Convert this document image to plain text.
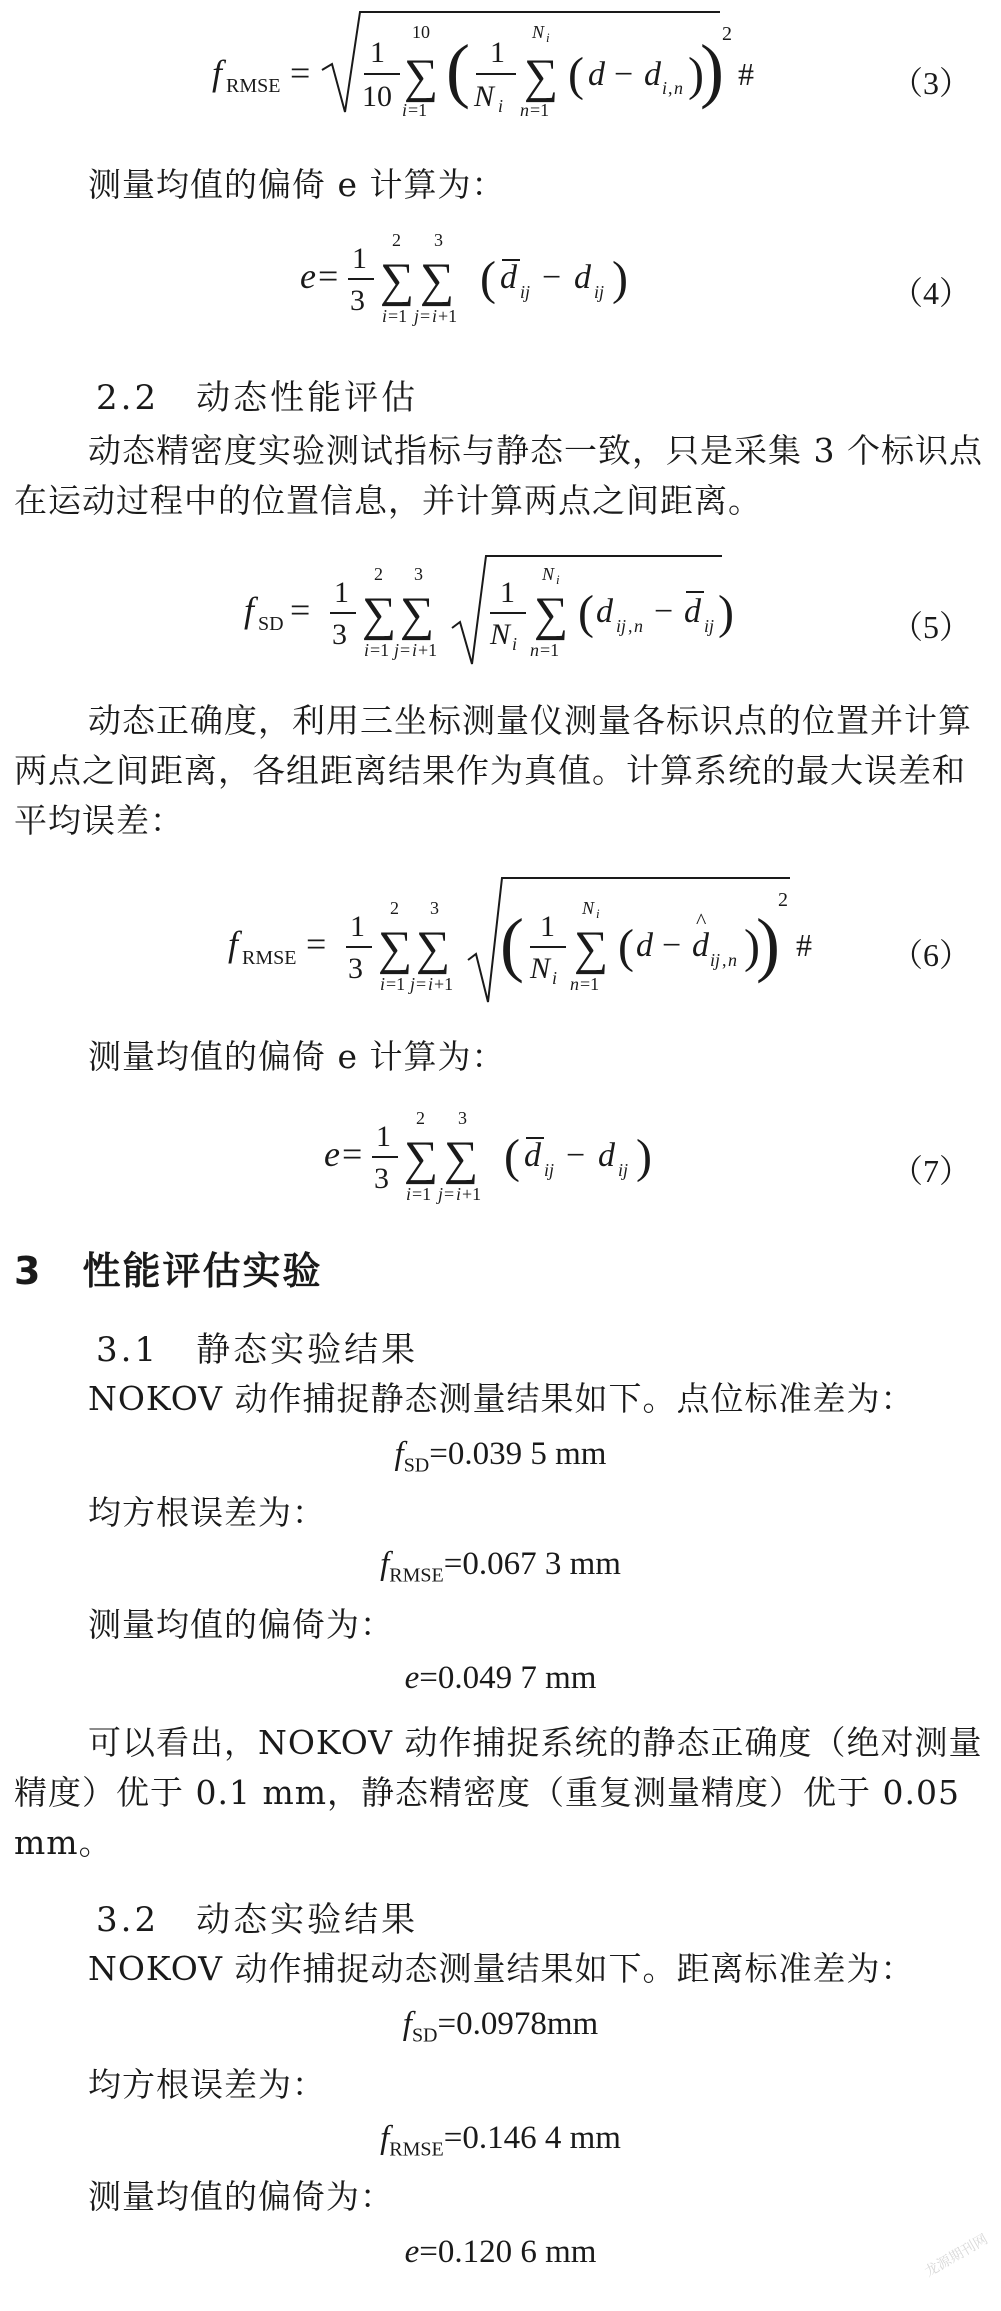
f RMSE =
1
10
10
∑
i =1 ( 1
N i
N i
∑
n =1
( d − d i , n )
)
2
#	（3）
测量均值的偏倚 e 计算为：
e = 1
3
2
∑
i =1
3
∑
j = i +1
( d ij − d ij )	（4）
2.2　动态性能评估
动态精密度实验测试指标与静态一致，只是采集 3 个标识点在运动过程中的位置信息，并计算两点之间距离。
f SD = 1
3
2
∑
i =1
3
∑
j = i +1
1
N i
N i
∑
n =1
( d ij , n − d ij )	（5）
动态正确度，利用三坐标测量仪测量各标识点的位置并计算两点之间距离，各组距离结果作为真值。计算系统的最大误差和平均误差：
f RMSE = 1
3
2
∑
i =1
3
∑
j = i +1 ( 1
N i
N i
∑
n =1
( d − d
^
ij , n )
)
2
# （6）
测量均值的偏倚 e 计算为：
e = 1
3
2
∑
i =1
3
∑
j = i +1
( d ij − d ij )	（7）
3　性能评估实验
3.1　静态实验结果
NOKOV 动作捕捉静态测量结果如下。点位标准差为：
$f_{SD}=0.039$ 5 mm
均方根误差为：
$f_{RMSE}=0.067$ 3 mm
测量均值的偏倚为：
e=0.049 7 mm
可以看出，NOKOV 动作捕捉系统的静态正确度（绝对测量精度）优于 0.1 mm，静态精密度（重复测量精度）优于 0.05 mm。
3.2　动态实验结果
NOKOV 动作捕捉动态测量结果如下。距离标准差为：
$f_{SD}=0.0978mm$
均方根误差为：
$f_{RMSE}=0.146$ 4 mm
测量均值的偏倚为：
e=0.120 6 mm	龙源期刊网
